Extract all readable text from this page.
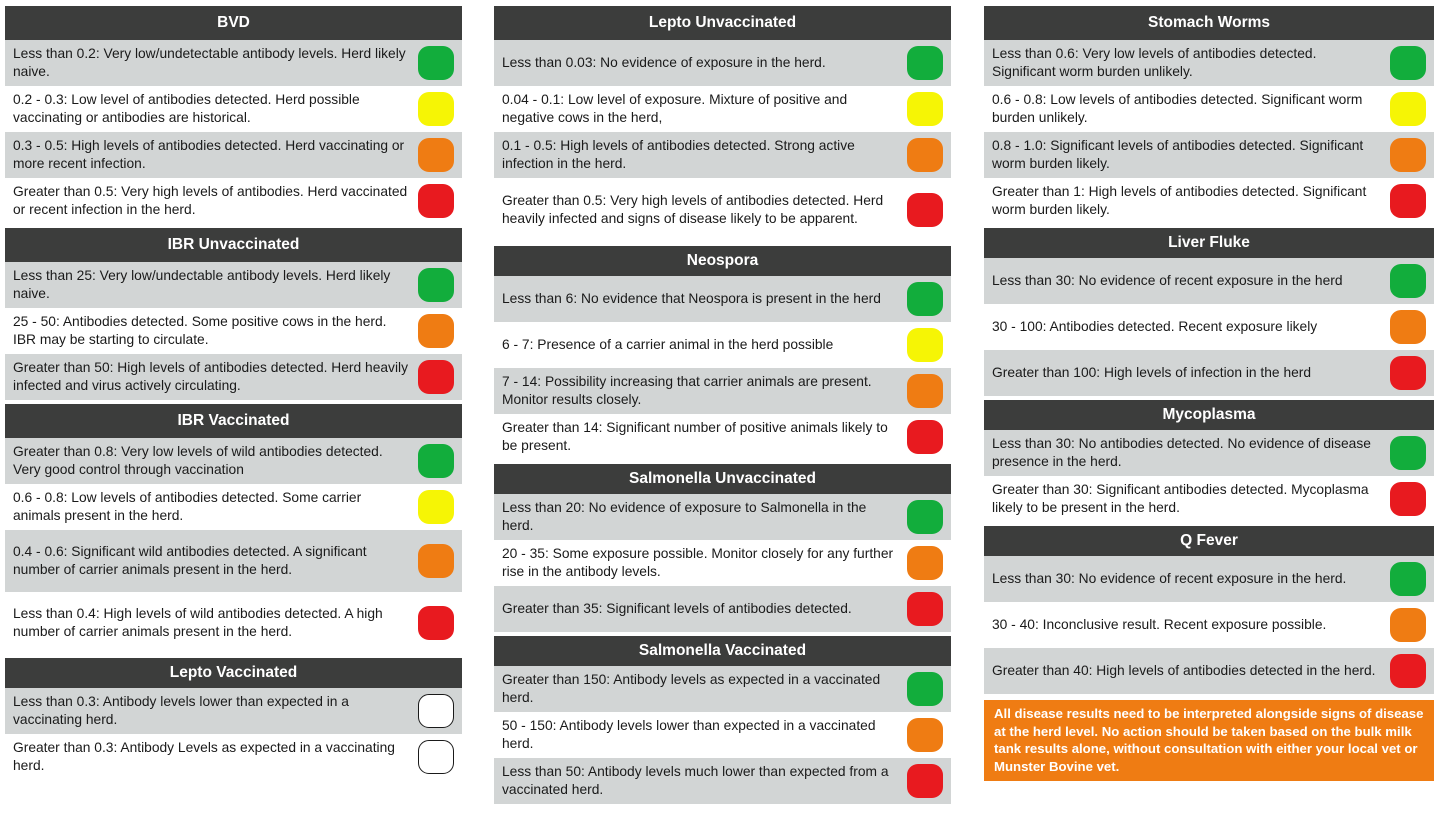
BVD
Less than 0.2: Very low/undetectable antibody levels. Herd likely naive.
0.2 - 0.3: Low level of antibodies detected. Herd possible vaccinating or antibodies are historical.
0.3 - 0.5: High levels of antibodies detected. Herd vaccinating or more recent infection.
Greater than 0.5: Very high levels of antibodies. Herd vaccinated or recent infection in the herd.
IBR Unvaccinated
Less than 25: Very low/undectable antibody levels. Herd likely naive.
25 - 50: Antibodies detected. Some positive cows in the herd. IBR may be starting to circulate.
Greater than 50: High levels of antibodies detected. Herd heavily infected and virus actively circulating.
IBR Vaccinated
Greater than 0.8: Very low levels of wild antibodies detected. Very good control through vaccination
0.6 - 0.8: Low levels of antibodies detected. Some carrier animals present in the herd.
0.4 - 0.6: Significant wild antibodies detected. A significant number of carrier animals present in the herd.
Less than 0.4: High levels of wild antibodies detected. A high number of carrier animals present in the herd.
Lepto Vaccinated
Less than 0.3: Antibody levels lower than expected in a vaccinating herd.
Greater than 0.3: Antibody Levels as expected in a vaccinating herd.
Lepto Unvaccinated
Less than 0.03: No evidence of exposure in the herd.
0.04 - 0.1: Low level of exposure. Mixture of positive and negative cows in the herd,
0.1 - 0.5: High levels of antibodies detected. Strong active infection in the herd.
Greater than 0.5: Very high levels of antibodies detected. Herd heavily infected and signs of disease likely to be apparent.
Neospora
Less than 6: No evidence that Neospora is present in the herd
6 - 7: Presence of a carrier animal in the herd possible
7 - 14: Possibility increasing that carrier animals are present. Monitor results closely.
Greater than 14: Significant number of positive animals likely to be present.
Salmonella Unvaccinated
Less than 20: No evidence of exposure to Salmonella in the herd.
20 - 35: Some exposure possible. Monitor closely for any further rise in the antibody levels.
Greater than 35: Significant levels of antibodies detected.
Salmonella Vaccinated
Greater than 150: Antibody levels as expected in a vaccinated herd.
50 - 150: Antibody levels lower than expected in a vaccinated herd.
Less than 50: Antibody levels much lower than expected from a vaccinated herd.
Stomach Worms
Less than 0.6: Very low levels of antibodies detected. Significant worm burden unlikely.
0.6 - 0.8: Low levels of antibodies detected. Significant worm burden unlikely.
0.8 - 1.0: Significant levels of antibodies detected. Significant worm burden likely.
Greater than 1: High levels of antibodies detected. Significant worm burden likely.
Liver Fluke
Less than 30: No evidence of recent exposure in the herd
30 - 100: Antibodies detected. Recent exposure likely
Greater than 100: High levels of infection in the herd
Mycoplasma
Less than 30: No antibodies detected. No evidence of disease presence in the herd.
Greater than 30: Significant antibodies detected. Mycoplasma likely to be present in the herd.
Q Fever
Less than 30: No evidence of recent exposure in the herd.
30 - 40: Inconclusive result. Recent exposure possible.
Greater than 40: High levels of antibodies detected in the herd.
All disease results need to be interpreted alongside signs of disease at the herd level. No action should be taken based on the bulk milk tank results alone, without consultation with either your local vet or Munster Bovine vet.
